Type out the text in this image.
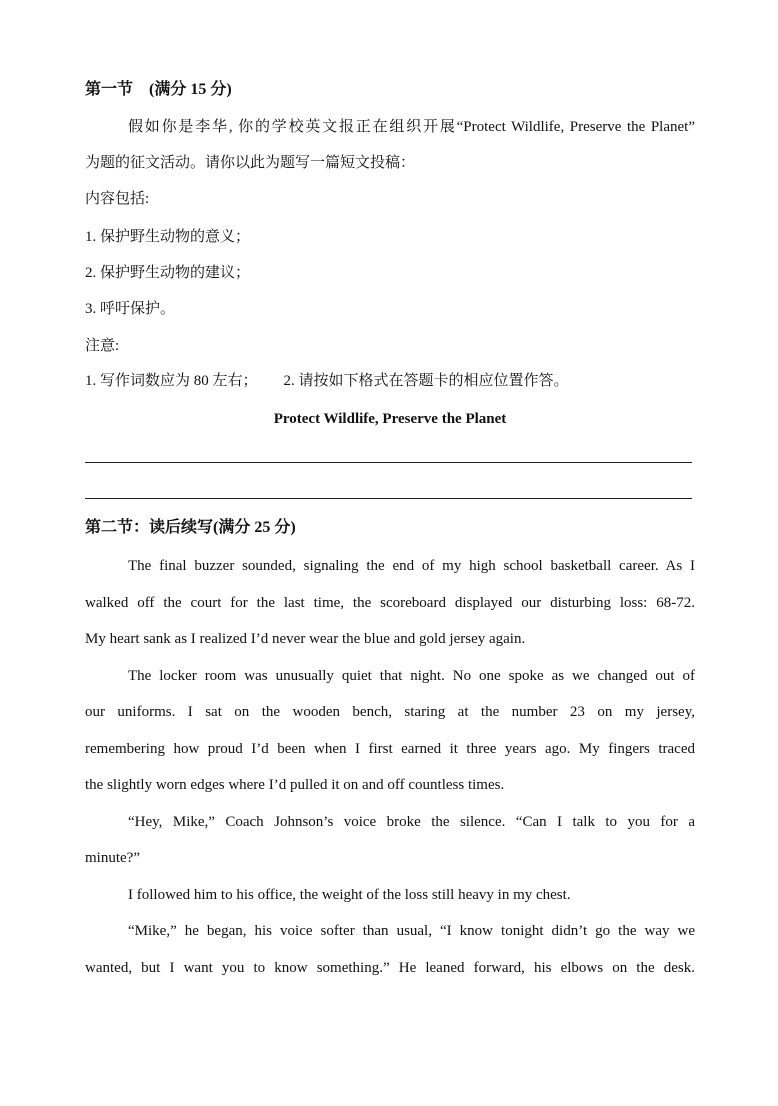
第一节　(满分 15 分)
假如你是李华, 你的学校英文报正在组织开展“Protect Wildlife, Preserve the Planet”
为题的征文活动。请你以此为题写一篇短文投稿：
内容包括:
1. 保护野生动物的意义；
2. 保护野生动物的建议；
3. 呼吁保护。
注意:
1. 写作词数应为 80 左右； 2. 请按如下格式在答题卡的相应位置作答。
Protect Wildlife, Preserve the Planet
第二节：读后续写(满分 25 分)
The final buzzer sounded, signaling the end of my high school basketball career. As I
walked off the court for the last time, the scoreboard displayed our disturbing loss: 68-72.
My heart sank as I realized I’d never wear the blue and gold jersey again.
The locker room was unusually quiet that night. No one spoke as we changed out of
our uniforms. I sat on the wooden bench, staring at the number 23 on my jersey,
remembering how proud I’d been when I first earned it three years ago. My fingers traced
the slightly worn edges where I’d pulled it on and off countless times.
“Hey, Mike,” Coach Johnson’s voice broke the silence. “Can I talk to you for a
minute?”
I followed him to his office, the weight of the loss still heavy in my chest.
“Mike,” he began, his voice softer than usual, “I know tonight didn’t go the way we
wanted, but I want you to know something.” He leaned forward, his elbows on the desk.
